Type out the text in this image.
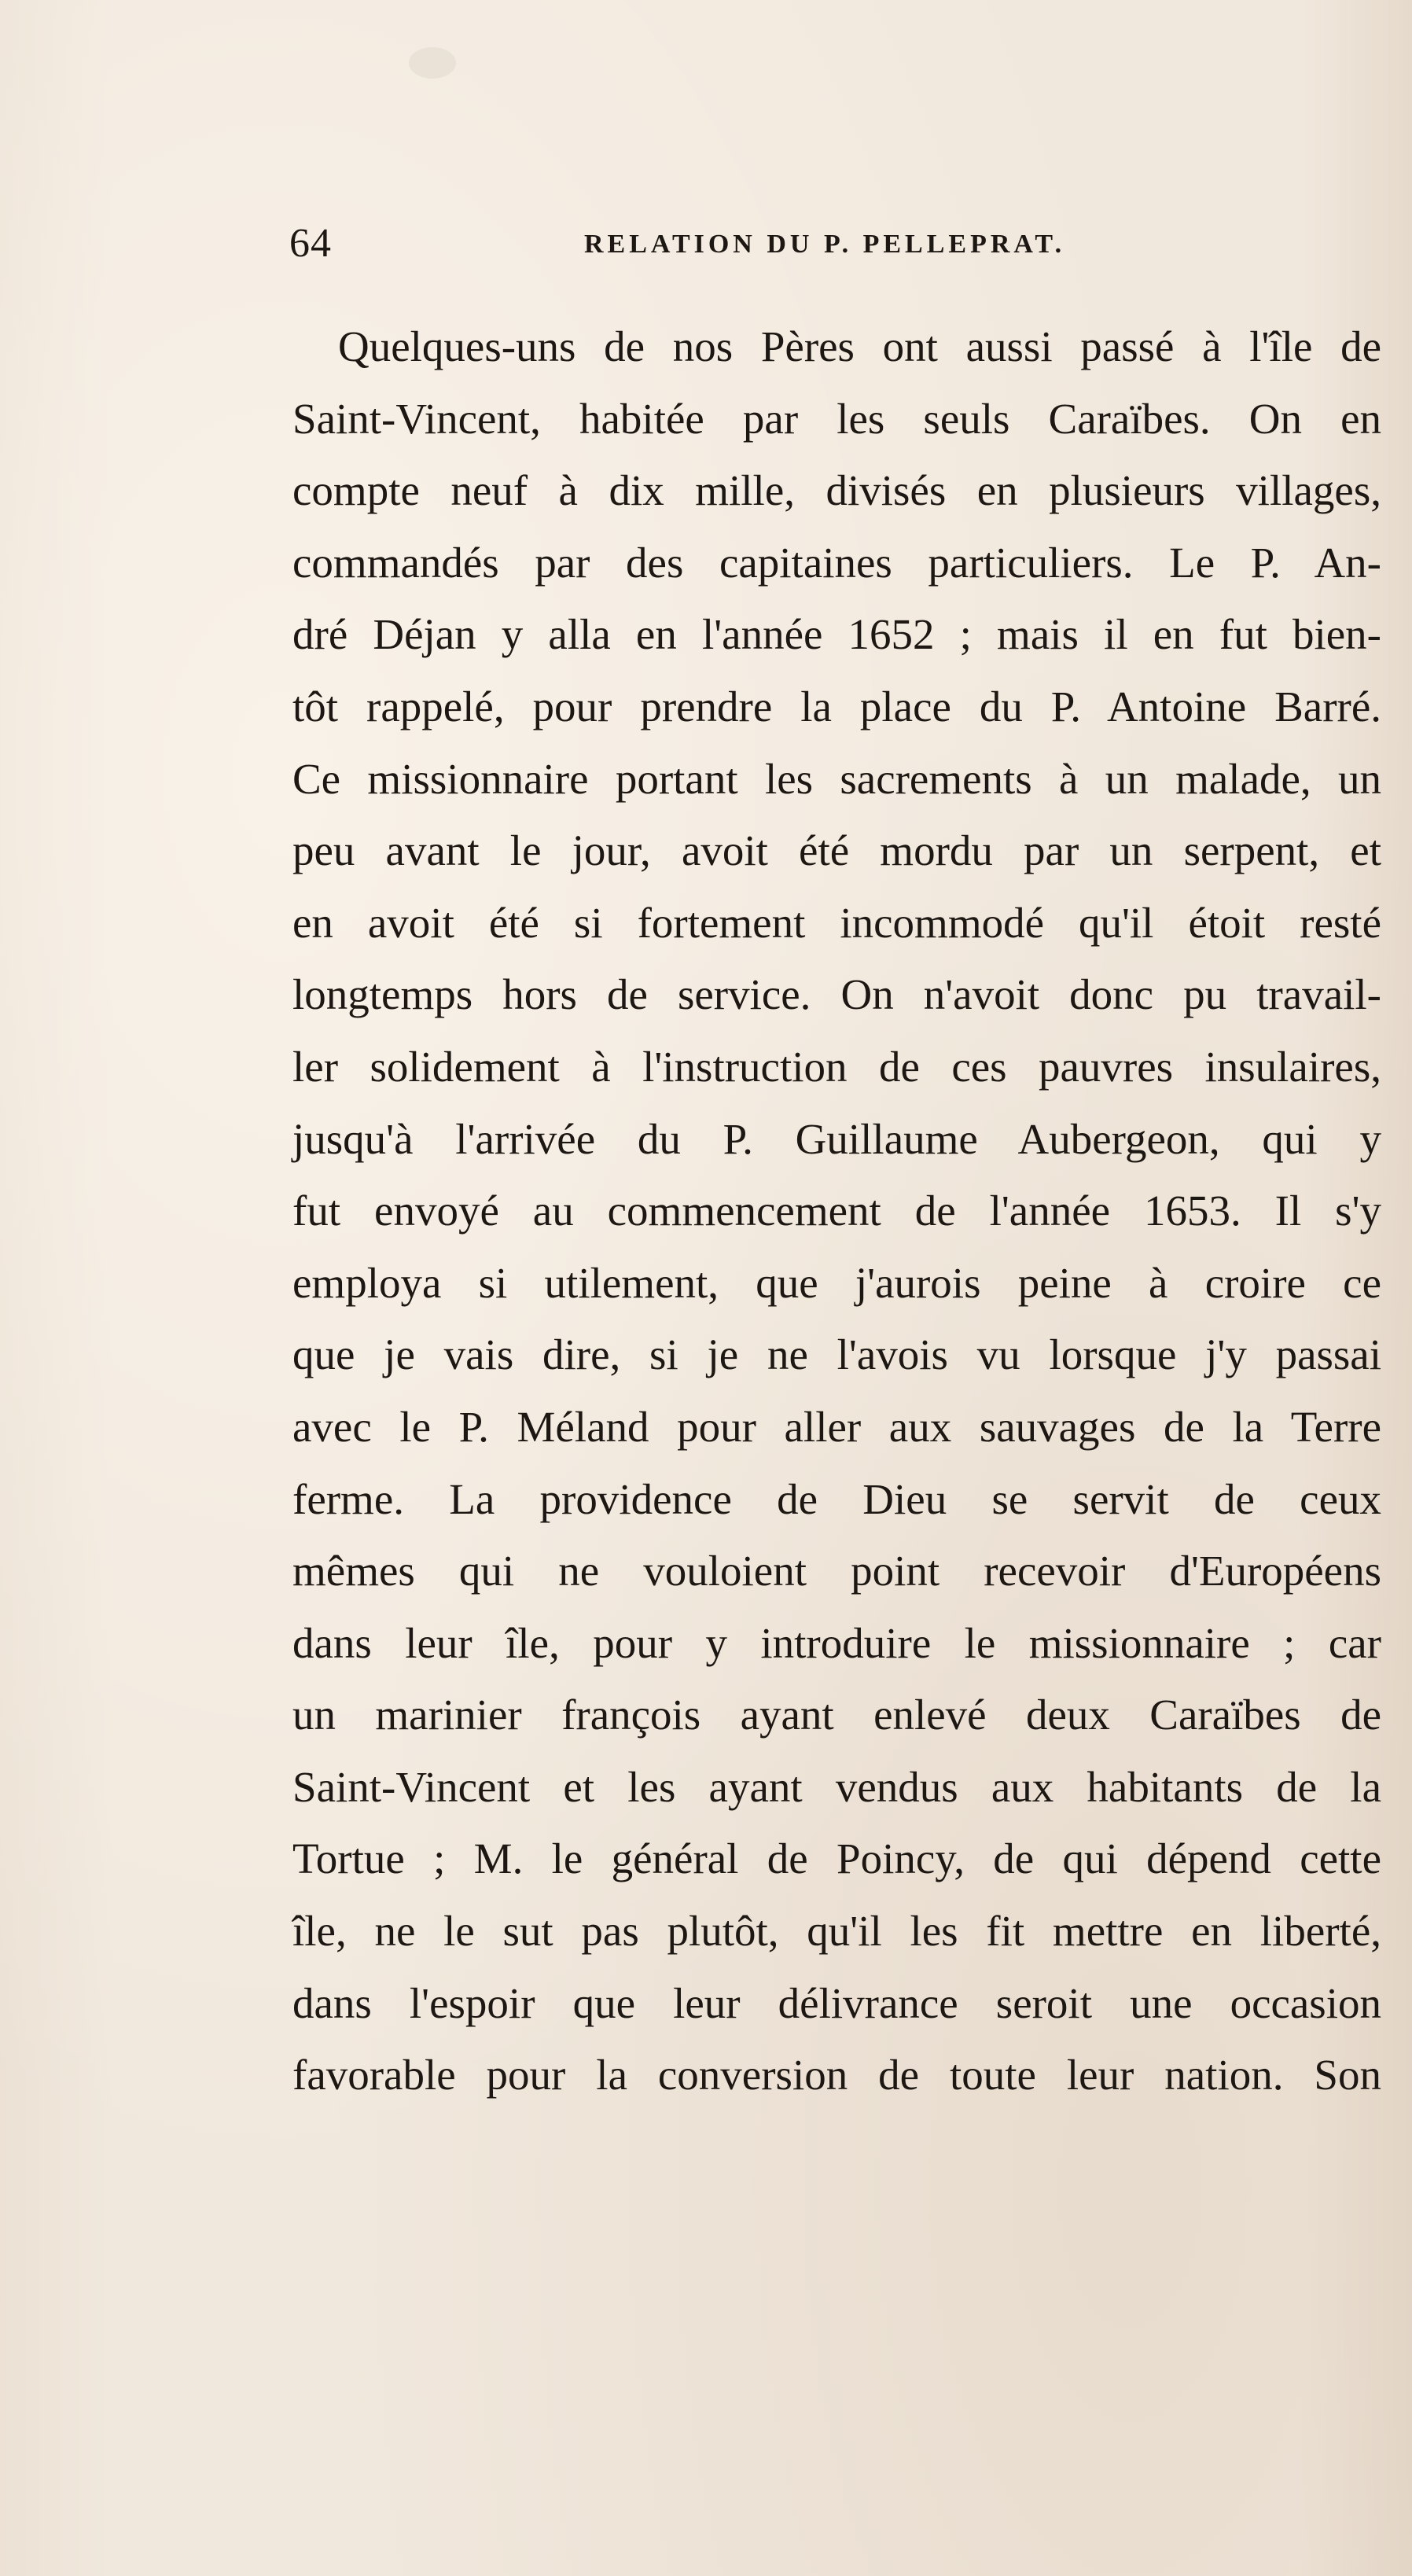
64	RELATION DU P. PELLEPRAT.
Quelques-uns de nos Pères ont aussi passé à l'île de
Saint-Vincent, habitée par les seuls Caraïbes. On en
compte neuf à dix mille, divisés en plusieurs villages,
commandés par des capitaines particuliers. Le P. An-
dré Déjan y alla en l'année 1652 ; mais il en fut bien-
tôt rappelé, pour prendre la place du P. Antoine Barré.
Ce missionnaire portant les sacrements à un malade, un
peu avant le jour, avoit été mordu par un serpent, et
en avoit été si fortement incommodé qu'il étoit resté
longtemps hors de service. On n'avoit donc pu travail-
ler solidement à l'instruction de ces pauvres insulaires,
jusqu'à l'arrivée du P. Guillaume Aubergeon, qui y
fut envoyé au commencement de l'année 1653. Il s'y
employa si utilement, que j'aurois peine à croire ce
que je vais dire, si je ne l'avois vu lorsque j'y passai
avec le P. Méland pour aller aux sauvages de la Terre
ferme. La providence de Dieu se servit de ceux
mêmes qui ne vouloient point recevoir d'Européens
dans leur île, pour y introduire le missionnaire ; car
un marinier françois ayant enlevé deux Caraïbes de
Saint-Vincent et les ayant vendus aux habitants de la
Tortue ; M. le général de Poincy, de qui dépend cette
île, ne le sut pas plutôt, qu'il les fit mettre en liberté,
dans l'espoir que leur délivrance seroit une occasion
favorable pour la conversion de toute leur nation. Son
